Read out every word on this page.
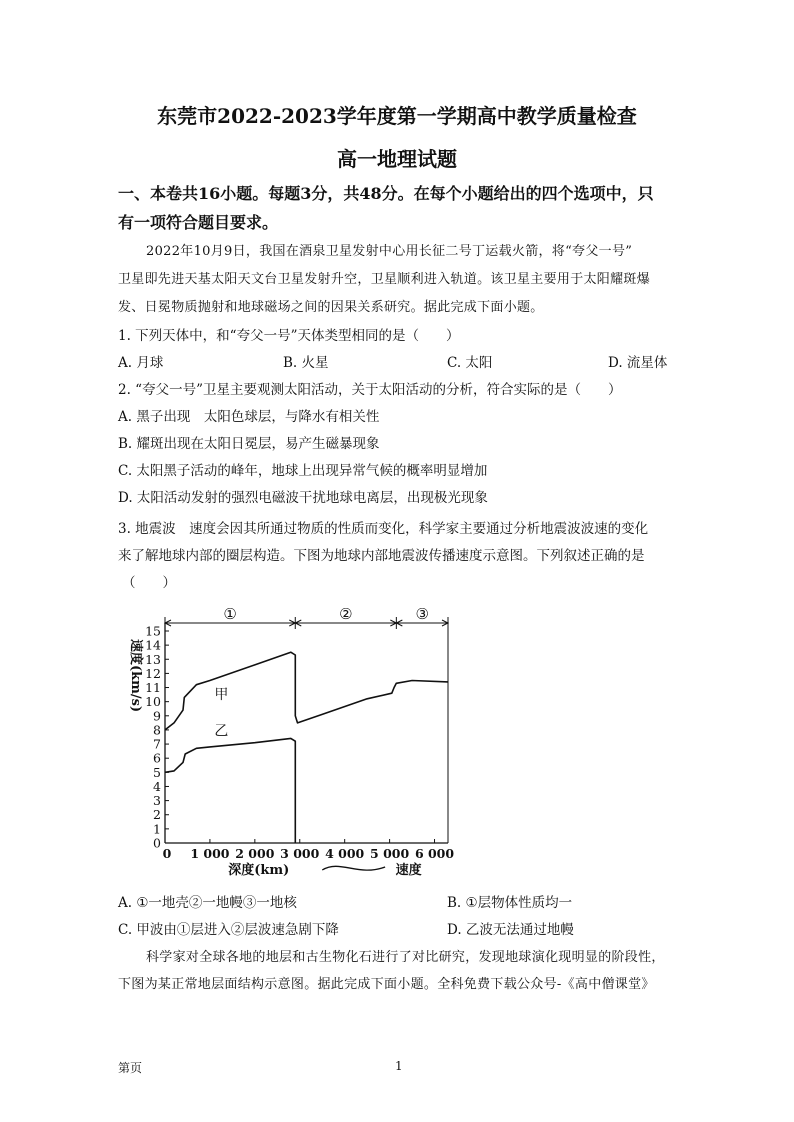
东莞市2022-2023学年度第一学期高中教学质量检查
高一地理试题
一、本卷共16小题。每题3分，共48分。在每个小题给出的四个选项中，只
有一项符合题目要求。
2022年10月9日，我国在酒泉卫星发射中心用长征二号丁运载火箭，将“夸父一号”
卫星即先进天基太阳天文台卫星发射升空，卫星顺利进入轨道。该卫星主要用于太阳耀斑爆
发、日冕物质抛射和地球磁场之间的因果关系研究。据此完成下面小题。
1. 下列天体中，和“夸父一号”天体类型相同的是（　　）
A. 月球	B. 火星	C. 太阳	D. 流星体
2. “夸父一号”卫星主要观测太阳活动，关于太阳活动的分析，符合实际的是（　　）
A. 黑子出现　太阳色球层，与降水有相关性
B. 耀斑出现在太阳日冕层，易产生磁暴现象
C. 太阳黑子活动的峰年，地球上出现异常气候的概率明显增加
D. 太阳活动发射的强烈电磁波干扰地球电离层，出现极光现象
3. 地震波　速度会因其所通过物质的性质而变化，科学家主要通过分析地震波波速的变化
来了解地球内部的圈层构造。下图为地球内部地震波传播速度示意图。下列叙述正确的是
（　　）
0
1
2
3
4
5
6
7
8
9
10
11
12
13
14
15
1 000 2 000 3 000 4 000 5 000 6 000
0
①	②	③
甲
乙
速度(km/s)
深度(km)	速度
A. ①一地壳②一地幔③一地核	B. ①层物体性质均一
C. 甲波由①层进入②层波速急剧下降	D. 乙波无法通过地幔
科学家对全球各地的地层和古生物化石进行了对比研究，发现地球演化现明显的阶段性，
下图为某正常地层面结构示意图。据此完成下面小题。全科免费下载公众号-《高中僧课堂》
第页	1
